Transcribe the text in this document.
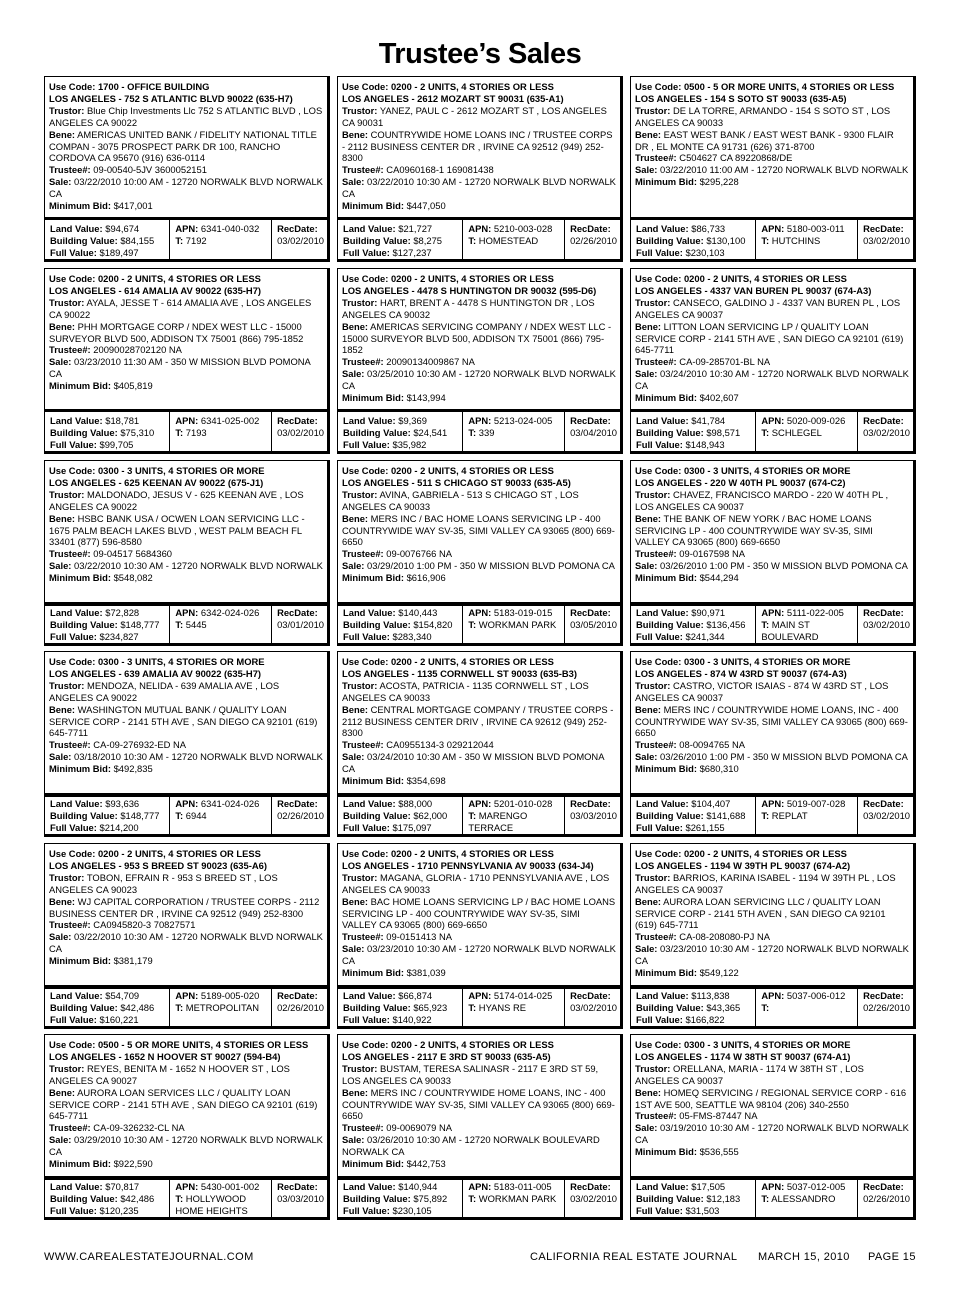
Trustee’s Sales
Use Code: 1700 - OFFICE BUILDING
LOS ANGELES - 752 S ATLANTIC BLVD 90022 (635-H7)
Trustor: Blue Chip Investments Llc 752 S ATLANTIC BLVD , LOS ANGELES CA 90022
Bene: AMERICAS UNITED BANK / FIDELITY NATIONAL TITLE COMPAN - 3075 PROSPECT PARK DR 100, RANCHO CORDOVA CA 95670 (916) 636-0114
Trustee#: 09-00540-5JV 3600052151
Sale: 03/22/2010 10:00 AM - 12720 NORWALK BLVD NORWALK CA
Minimum Bid: $417,001
Land Value: $94,674
Building Value: $84,155
Full Value: $189,497
APN: 6341-040-032
T: 7192
RecDate:
03/02/2010
Use Code: 0200 - 2 UNITS, 4 STORIES OR LESS
LOS ANGELES - 2612 MOZART ST 90031 (635-A1)
Trustor: YANEZ, PAUL C - 2612 MOZART ST , LOS ANGELES CA 90031
Bene: COUNTRYWIDE HOME LOANS INC / TRUSTEE CORPS - 2112 BUSINESS CENTER DR , IRVINE CA 92512 (949) 252-8300
Trustee#: CA0960168-1 169081438
Sale: 03/22/2010 10:30 AM - 12720 NORWALK BLVD NORWALK CA
Minimum Bid: $447,050
Land Value: $21,727
Building Value: $8,275
Full Value: $127,237
APN: 5210-003-028
T: HOMESTEAD
RecDate:
02/26/2010
Use Code: 0500 - 5 OR MORE UNITS, 4 STORIES OR LESS
LOS ANGELES - 154 S SOTO ST 90033 (635-A5)
Trustor: DE LA TORRE, ARMANDO - 154 S SOTO ST , LOS ANGELES CA 90033
Bene: EAST WEST BANK / EAST WEST BANK - 9300 FLAIR DR , EL MONTE CA 91731 (626) 371-8700
Trustee#: C504627 CA 89220868/DE
Sale: 03/22/2010 11:00 AM - 12720 NORWALK BLVD NORWALK
Minimum Bid: $295,228
Land Value: $86,733
Building Value: $130,100
Full Value: $230,103
APN: 5180-003-011
T: HUTCHINS
RecDate:
03/02/2010
Use Code: 0200 - 2 UNITS, 4 STORIES OR LESS
LOS ANGELES - 614 AMALIA AV 90022 (635-H7)
Trustor: AYALA, JESSE T - 614 AMALIA AVE , LOS ANGELES CA 90022
Bene: PHH MORTGAGE CORP / NDEX WEST LLC - 15000 SURVEYOR BLVD 500, ADDISON TX 75001 (866) 795-1852
Trustee#: 20090028702120 NA
Sale: 03/23/2010 11:30 AM - 350 W MISSION BLVD POMONA CA
Minimum Bid: $405,819
Land Value: $18,781
Building Value: $75,310
Full Value: $99,705
APN: 6341-025-002
T: 7193
RecDate:
03/02/2010
Use Code: 0200 - 2 UNITS, 4 STORIES OR LESS
LOS ANGELES - 4478 S HUNTINGTON DR 90032 (595-D6)
Trustor: HART, BRENT A - 4478 S HUNTINGTON DR , LOS ANGELES CA 90032
Bene: AMERICAS SERVICING COMPANY / NDEX WEST LLC - 15000 SURVEYOR BLVD 500, ADDISON TX 75001 (866) 795-1852
Trustee#: 20090134009867 NA
Sale: 03/25/2010 10:30 AM - 12720 NORWALK BLVD NORWALK CA
Minimum Bid: $143,994
Land Value: $9,369
Building Value: $24,541
Full Value: $35,982
APN: 5213-024-005
T: 339
RecDate:
03/04/2010
Use Code: 0200 - 2 UNITS, 4 STORIES OR LESS
LOS ANGELES - 4337 VAN BUREN PL 90037 (674-A3)
Trustor: CANSECO, GALDINO J - 4337 VAN BUREN PL , LOS ANGELES CA 90037
Bene: LITTON LOAN SERVICING LP / QUALITY LOAN SERVICE CORP - 2141 5TH AVE , SAN DIEGO CA 92101 (619) 645-7711
Trustee#: CA-09-285701-BL NA
Sale: 03/24/2010 10:30 AM - 12720 NORWALK BLVD NORWALK CA
Minimum Bid: $402,607
Land Value: $41,784
Building Value: $98,571
Full Value: $148,943
APN: 5020-009-026
T: SCHLEGEL
RecDate:
03/02/2010
Use Code: 0300 - 3 UNITS, 4 STORIES OR MORE
LOS ANGELES - 625 KEENAN AV 90022 (675-J1)
Trustor: MALDONADO, JESUS V - 625 KEENAN AVE , LOS ANGELES CA 90022
Bene: HSBC BANK USA / OCWEN LOAN SERVICING LLC - 1675 PALM BEACH LAKES BLVD , WEST PALM BEACH FL 33401 (877) 596-8580
Trustee#: 09-04517 5684360
Sale: 03/22/2010 10:30 AM - 12720 NORWALK BLVD NORWALK
Minimum Bid: $548,082
Land Value: $72,828
Building Value: $148,777
Full Value: $234,827
APN: 6342-024-026
T: 5445
RecDate:
03/01/2010
Use Code: 0200 - 2 UNITS, 4 STORIES OR LESS
LOS ANGELES - 511 S CHICAGO ST 90033 (635-A5)
Trustor: AVINA, GABRIELA - 513 S CHICAGO ST , LOS ANGELES CA 90033
Bene: MERS INC / BAC HOME LOANS SERVICING LP - 400 COUNTRYWIDE WAY SV-35, SIMI VALLEY CA 93065 (800) 669-6650
Trustee#: 09-0076766 NA
Sale: 03/29/2010 1:00 PM - 350 W MISSION BLVD POMONA CA
Minimum Bid: $616,906
Land Value: $140,443
Building Value: $154,820
Full Value: $283,340
APN: 5183-019-015
T: WORKMAN PARK
RecDate:
03/05/2010
Use Code: 0300 - 3 UNITS, 4 STORIES OR MORE
LOS ANGELES - 220 W 40TH PL 90037 (674-C2)
Trustor: CHAVEZ, FRANCISCO MARDO - 220 W 40TH PL , LOS ANGELES CA 90037
Bene: THE BANK OF NEW YORK / BAC HOME LOANS SERVICING LP - 400 COUNTRYWIDE WAY SV-35, SIMI VALLEY CA 93065 (800) 669-6650
Trustee#: 09-0167598 NA
Sale: 03/26/2010 1:00 PM - 350 W MISSION BLVD POMONA CA
Minimum Bid: $544,294
Land Value: $90,971
Building Value: $136,456
Full Value: $241,344
APN: 5111-022-005
T: MAIN ST BOULEVARD
RecDate:
03/02/2010
Use Code: 0300 - 3 UNITS, 4 STORIES OR MORE
LOS ANGELES - 639 AMALIA AV 90022 (635-H7)
Trustor: MENDOZA, NELIDA - 639 AMALIA AVE , LOS ANGELES CA 90022
Bene: WASHINGTON MUTUAL BANK / QUALITY LOAN SERVICE CORP - 2141 5TH AVE , SAN DIEGO CA 92101 (619) 645-7711
Trustee#: CA-09-276932-ED NA
Sale: 03/18/2010 10:30 AM - 12720 NORWALK BLVD NORWALK
Minimum Bid: $492,835
Land Value: $93,636
Building Value: $148,777
Full Value: $214,200
APN: 6341-024-026
T: 6944
RecDate:
02/26/2010
Use Code: 0200 - 2 UNITS, 4 STORIES OR LESS
LOS ANGELES - 1135 CORNWELL ST 90033 (635-B3)
Trustor: ACOSTA, PATRICIA - 1135 CORNWELL ST , LOS ANGELES CA 90033
Bene: CENTRAL MORTGAGE COMPANY / TRUSTEE CORPS - 2112 BUSINESS CENTER DRIV , IRVINE CA 92612 (949) 252-8300
Trustee#: CA0955134-3 029212044
Sale: 03/24/2010 10:30 AM - 350 W MISSION BLVD POMONA CA
Minimum Bid: $354,698
Land Value: $88,000
Building Value: $62,000
Full Value: $175,097
APN: 5201-010-028
T: MARENGO TERRACE
RecDate:
03/03/2010
Use Code: 0300 - 3 UNITS, 4 STORIES OR MORE
LOS ANGELES - 874 W 43RD ST 90037 (674-A3)
Trustor: CASTRO, VICTOR ISAIAS - 874 W 43RD ST , LOS ANGELES CA 90037
Bene: MERS INC / COUNTRYWIDE HOME LOANS, INC - 400 COUNTRYWIDE WAY SV-35, SIMI VALLEY CA 93065 (800) 669-6650
Trustee#: 08-0094765 NA
Sale: 03/26/2010 1:00 PM - 350 W MISSION BLVD POMONA CA
Minimum Bid: $680,310
Land Value: $104,407
Building Value: $141,688
Full Value: $261,155
APN: 5019-007-028
T: REPLAT
RecDate:
03/02/2010
Use Code: 0200 - 2 UNITS, 4 STORIES OR LESS
LOS ANGELES - 953 S BREED ST 90023 (635-A6)
Trustor: TOBON, EFRAIN R - 953 S BREED ST , LOS ANGELES CA 90023
Bene: WJ CAPITAL CORPORATION / TRUSTEE CORPS - 2112 BUSINESS CENTER DR , IRVINE CA 92512 (949) 252-8300
Trustee#: CA0945820-3 70827571
Sale: 03/22/2010 10:30 AM - 12720 NORWALK BLVD NORWALK CA
Minimum Bid: $381,179
Land Value: $54,709
Building Value: $42,486
Full Value: $160,221
APN: 5189-005-020
T: METROPOLITAN
RecDate:
02/26/2010
Use Code: 0200 - 2 UNITS, 4 STORIES OR LESS
LOS ANGELES - 1710 PENNSYLVANIA AV 90033 (634-J4)
Trustor: MAGANA, GLORIA - 1710 PENNSYLVANIA AVE , LOS ANGELES CA 90033
Bene: BAC HOME LOANS SERVICING LP / BAC HOME LOANS SERVICING LP - 400 COUNTRYWIDE WAY SV-35, SIMI VALLEY CA 93065 (800) 669-6650
Trustee#: 09-0151413 NA
Sale: 03/23/2010 10:30 AM - 12720 NORWALK BLVD NORWALK CA
Minimum Bid: $381,039
Land Value: $66,874
Building Value: $65,923
Full Value: $140,922
APN: 5174-014-025
T: HYANS RE
RecDate:
03/02/2010
Use Code: 0200 - 2 UNITS, 4 STORIES OR LESS
LOS ANGELES - 1194 W 39TH PL 90037 (674-A2)
Trustor: BARRIOS, KARINA ISABEL - 1194 W 39TH PL , LOS ANGELES CA 90037
Bene: AURORA LOAN SERVICING LLC / QUALITY LOAN SERVICE CORP - 2141 5TH AVEN , SAN DIEGO CA 92101 (619) 645-7711
Trustee#: CA-08-208080-PJ NA
Sale: 03/23/2010 10:30 AM - 12720 NORWALK BLVD NORWALK CA
Minimum Bid: $549,122
Land Value: $113,838
Building Value: $43,365
Full Value: $166,822
APN: 5037-006-012
T:
RecDate:
02/26/2010
Use Code: 0500 - 5 OR MORE UNITS, 4 STORIES OR LESS
LOS ANGELES - 1652 N HOOVER ST 90027 (594-B4)
Trustor: REYES, BENITA M - 1652 N HOOVER ST , LOS ANGELES CA 90027
Bene: AURORA LOAN SERVICES LLC / QUALITY LOAN SERVICE CORP - 2141 5TH AVE , SAN DIEGO CA 92101 (619) 645-7711
Trustee#: CA-09-326232-CL NA
Sale: 03/29/2010 10:30 AM - 12720 NORWALK BLVD NORWALK CA
Minimum Bid: $922,590
Land Value: $70,817
Building Value: $42,486
Full Value: $120,235
APN: 5430-001-002
T: HOLLYWOOD HOME HEIGHTS
RecDate:
03/03/2010
Use Code: 0200 - 2 UNITS, 4 STORIES OR LESS
LOS ANGELES - 2117 E 3RD ST 90033 (635-A5)
Trustor: BUSTAM, TERESA SALINASR - 2117 E 3RD ST 59, LOS ANGELES CA 90033
Bene: MERS INC / COUNTRYWIDE HOME LOANS, INC - 400 COUNTRYWIDE WAY SV-35, SIMI VALLEY CA 93065 (800) 669-6650
Trustee#: 09-0069079 NA
Sale: 03/26/2010 10:30 AM - 12720 NORWALK BOULEVARD NORWALK CA
Minimum Bid: $442,753
Land Value: $140,944
Building Value: $75,892
Full Value: $230,105
APN: 5183-011-005
T: WORKMAN PARK
RecDate:
03/02/2010
Use Code: 0300 - 3 UNITS, 4 STORIES OR MORE
LOS ANGELES - 1174 W 38TH ST 90037 (674-A1)
Trustor: ORELLANA, MARIA - 1174 W 38TH ST , LOS ANGELES CA 90037
Bene: HOMEQ SERVICING / REGIONAL SERVICE CORP - 616 1ST AVE 500, SEATTLE WA 98104 (206) 340-2550
Trustee#: 05-FMS-87447 NA
Sale: 03/19/2010 10:30 AM - 12720 NORWALK BLVD NORWALK CA
Minimum Bid: $536,555
Land Value: $17,505
Building Value: $12,183
Full Value: $31,503
APN: 5037-012-005
T: ALESSANDRO
RecDate:
02/26/2010
WWW.CAREALESTATEJOURNAL.COM	CALIFORNIA REAL ESTATE JOURNAL MARCH 15, 2010 PAGE 15
